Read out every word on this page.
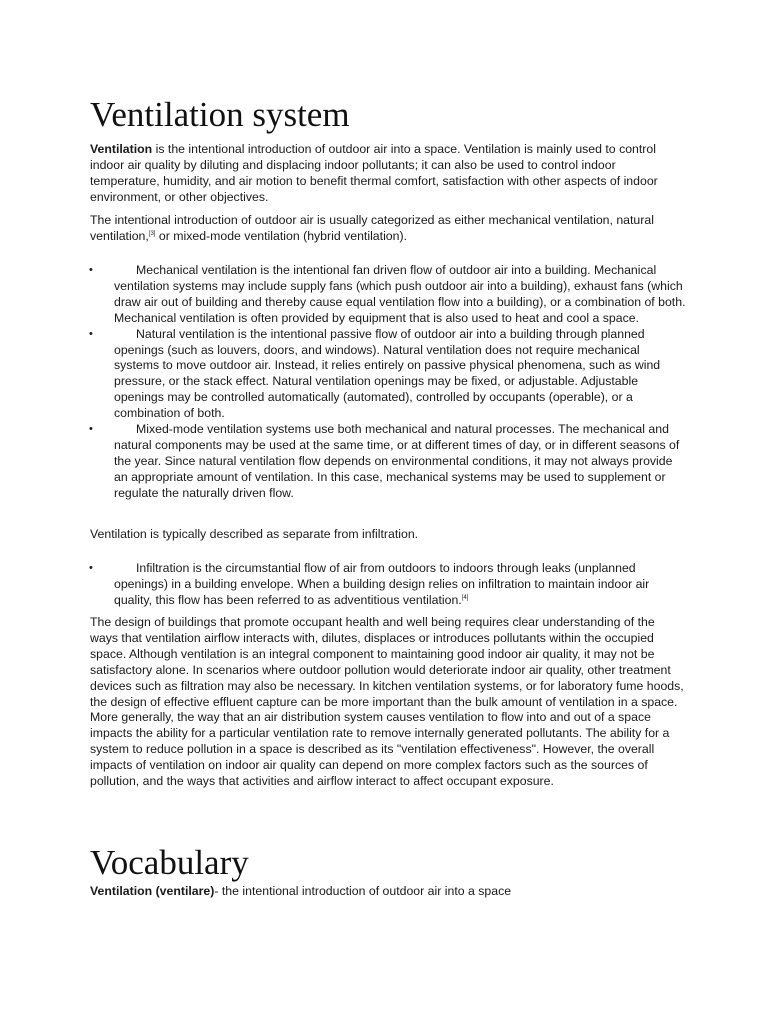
Ventilation system

Ventilation is the intentional introduction of outdoor air into a space. Ventilation is mainly used to control indoor air quality by diluting and displacing indoor pollutants; it can also be used to control indoor temperature, humidity, and air motion to benefit thermal comfort, satisfaction with other aspects of indoor environment, or other objectives.

The intentional introduction of outdoor air is usually categorized as either mechanical ventilation, natural ventilation,[3] or mixed-mode ventilation (hybrid ventilation).

•	Mechanical ventilation is the intentional fan driven flow of outdoor air into a building. Mechanical ventilation systems may include supply fans (which push outdoor air into a building), exhaust fans (which draw air out of building and thereby cause equal ventilation flow into a building), or a combination of both. Mechanical ventilation is often provided by equipment that is also used to heat and cool a space.
•	Natural ventilation is the intentional passive flow of outdoor air into a building through planned openings (such as louvers, doors, and windows). Natural ventilation does not require mechanical systems to move outdoor air. Instead, it relies entirely on passive physical phenomena, such as wind pressure, or the stack effect. Natural ventilation openings may be fixed, or adjustable. Adjustable openings may be controlled automatically (automated), controlled by occupants (operable), or a combination of both.
•	Mixed-mode ventilation systems use both mechanical and natural processes. The mechanical and natural components may be used at the same time, or at different times of day, or in different seasons of the year. Since natural ventilation flow depends on environmental conditions, it may not always provide an appropriate amount of ventilation. In this case, mechanical systems may be used to supplement or regulate the naturally driven flow.

Ventilation is typically described as separate from infiltration.

•	Infiltration is the circumstantial flow of air from outdoors to indoors through leaks (unplanned openings) in a building envelope. When a building design relies on infiltration to maintain indoor air quality, this flow has been referred to as adventitious ventilation.[4]

The design of buildings that promote occupant health and well being requires clear understanding of the ways that ventilation airflow interacts with, dilutes, displaces or introduces pollutants within the occupied space. Although ventilation is an integral component to maintaining good indoor air quality, it may not be satisfactory alone. In scenarios where outdoor pollution would deteriorate indoor air quality, other treatment devices such as filtration may also be necessary. In kitchen ventilation systems, or for laboratory fume hoods, the design of effective effluent capture can be more important than the bulk amount of ventilation in a space. More generally, the way that an air distribution system causes ventilation to flow into and out of a space impacts the ability for a particular ventilation rate to remove internally generated pollutants. The ability for a system to reduce pollution in a space is described as its "ventilation effectiveness". However, the overall impacts of ventilation on indoor air quality can depend on more complex factors such as the sources of pollution, and the ways that activities and airflow interact to affect occupant exposure.

Vocabulary

Ventilation (ventilare)- the intentional introduction of outdoor air into a space
